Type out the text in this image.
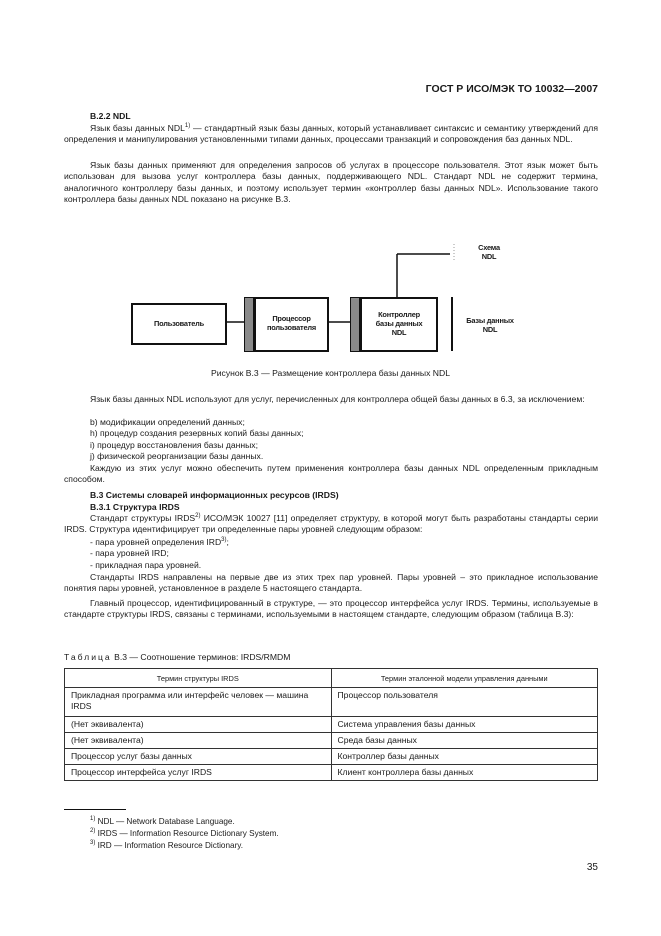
ГОСТ Р ИСО/МЭК ТО 10032—2007
B.2.2 NDL
Язык базы данных NDL$^{1)}$ — стандартный язык базы данных, который устанавливает синтаксис и семантику утверждений для определения и манипулирования установленными типами данных, процессами транзакций и сопровождения баз данных NDL.
Язык базы данных применяют для определения запросов об услугах в процессоре пользователя. Этот язык может быть использован для вызова услуг контроллера базы данных, поддерживающего NDL. Стандарт NDL не содержит термина, аналогичного контроллеру базы данных, и поэтому использует термин «контроллер базы данных NDL». Использование такого контроллера базы данных NDL показано на рисунке B.3.
Пользователь
Процессор
пользователя
Контроллер
базы данных
NDL
Базы данных
NDL
Схема
NDL
Рисунок B.3 — Размещение контроллера базы данных NDL
Язык базы данных NDL используют для услуг, перечисленных для контроллера общей базы данных в 6.3, за исключением:
b) модификации определений данных;
h) процедур создания резервных копий базы данных;
i) процедур восстановления базы данных;
j) физической реорганизации базы данных.
Каждую из этих услуг можно обеспечить путем применения контроллера базы данных NDL определенным прикладным способом.
B.3 Системы словарей информационных ресурсов (IRDS)
B.3.1 Структура IRDS
Стандарт структуры IRDS$^{2)}$ ИСО/МЭК 10027 [11] определяет структуру, в которой могут быть разработаны стандарты серии IRDS. Структура идентифицирует три определенные пары уровней следующим образом:
- пара уровней определения IRD$^{3)}$;
- пара уровней IRD;
- прикладная пара уровней.
Стандарты IRDS направлены на первые две из этих трех пар уровней. Пары уровней – это прикладное использование понятия пары уровней, установленное в разделе 5 настоящего стандарта.
Главный процессор, идентифицированный в структуре, — это процессор интерфейса услуг IRDS. Термины, используемые в стандарте структуры IRDS, связаны с терминами, используемыми в настоящем стандарте, следующим образом (таблица B.3):
Таблица B.3 — Соотношение терминов: IRDS/RMDM
Термин структуры IRDS	Термин эталонной модели управления данными
Прикладная программа или интерфейс человек — машина IRDS	Процессор пользователя
(Нет эквивалента)	Система управления базы данных
(Нет эквивалента)	Среда базы данных
Процессор услуг базы данных	Контроллер базы данных
Процессор интерфейса услуг IRDS	Клиент контроллера базы данных
$^{1)}$ NDL — Network Database Language.
$^{2)}$ IRDS — Information Resource Dictionary System.
$^{3)}$ IRD — Information Resource Dictionary.
35
